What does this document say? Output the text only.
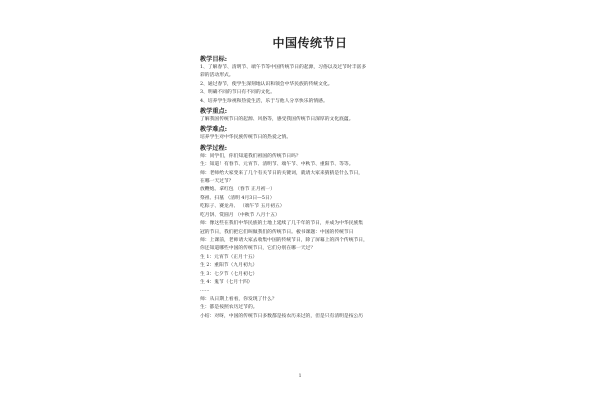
中国传统节日
教学目标:
1、了解春节、清明节、端午节等中国传统节日的起源，习俗以及过节时丰富多
彩的活动形式。
2、通过春节，使学生深刻地认识和领会中华民族的传统文化。
3、明确不同的节日有不同的文化。
4、培养学生珍视和热爱生活，乐于与他人分享快乐的情感。
教学重点:
了解我国传统节日的起源、风俗等，感受我国传统节日深厚的文化底蕴。
教学难点:
培养学生对中华民族传统节日的热爱之情。
教学过程:
师：同学们，你们知道我们祖国的传统节日吗？
生：知道！有春节、元宵节、清明节、端午节、中秋节、重阳节、等等。
师：老师给大家变来了几个有关节日的关键词，就请大家来猜猜是什么节日，
在哪一天过节？
放鞭炮、拿红包 （春节 正月初一）
祭祖、扫墓 （清明 4月3日—5日）
吃粽子、赛龙舟、 （端午节 五月初五）
吃月饼、赏圆月 （中秋节 八月十五）
师：像这些在我们中华民族的土地上延续了几千年的节日，并成为中华民族集
冠的节日，我们把它们叫做我们的传统节日。板书课题：中国的传统节日
师：上课前，老师请大家去收集中国的传统节日，除了屏幕上的四个传统节日，
你还知道哪些中国的传统节日，它们分别在哪一天过？
生 1：元宵节（正月十五）
生 2：重阳节（九月初九）
生 3：七夕节（七月初七）
生 4：鬼节（七月十四）
……
师：从日期上看看，你发现了什么？
生：都是按照农历过节的。
小结：对呀，中国的传统节日多数都是按农历来过的，但是只有清明是按公历
1
